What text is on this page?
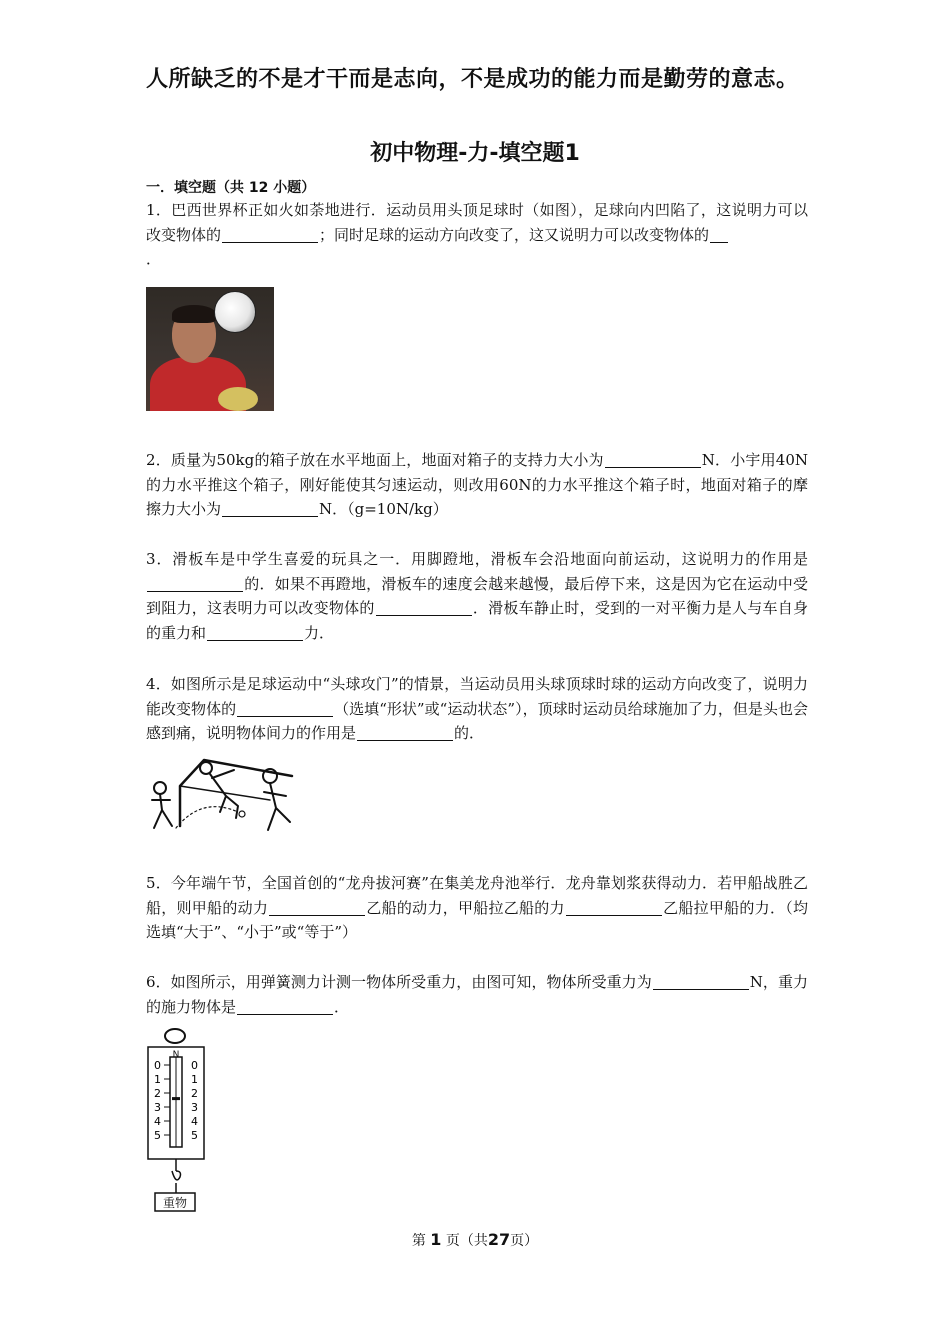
人所缺乏的不是才干而是志向，不是成功的能力而是勤劳的意志。
初中物理-力-填空题1
一．填空题（共 12 小题）
1．巴西世界杯正如火如荼地进行．运动员用头顶足球时（如图），足球向内凹陷了，这说明力可以改变物体的	；同时足球的运动方向改变了，这又说明力可以改变物体的
．
2．质量为50kg的箱子放在水平地面上，地面对箱子的支持力大小为	N．小宇用40N的力水平推这个箱子，刚好能使其匀速运动，则改用60N的力水平推这个箱子时，地面对箱子的摩擦力大小为	N．（g=10N/kg）
3．滑板车是中学生喜爱的玩具之一．用脚蹬地，滑板车会沿地面向前运动，这说明力的作用是的．如果不再蹬地，滑板车的速度会越来越慢，最后停下来，这是因为它在运动中受到阻力，这表明力可以改变物体的	．滑板车静止时，受到的一对平衡力是人与车自身的重力和	力．
4．如图所示是足球运动中“头球攻门”的情景，当运动员用头球顶球时球的运动方向改变了，说明力能改变物体的	（选填“形状”或“运动状态”），顶球时运动员给球施加了力，但是头也会感到痛，说明物体间力的作用是	的．
5．今年端午节，全国首创的“龙舟拔河赛”在集美龙舟池举行．龙舟靠划浆获得动力．若甲船战胜乙船，则甲船的动力	乙船的动力，甲船拉乙船的力	乙船拉甲船的力．（均选填“大于”、“小于”或“等于”）
6．如图所示，用弹簧测力计测一物体所受重力，由图可知，物体所受重力为	N，重力的施力物体是	．
N
0	0
1	1
2	2
3	3
4	4
5	5
重物
第 1 页（共27页）
